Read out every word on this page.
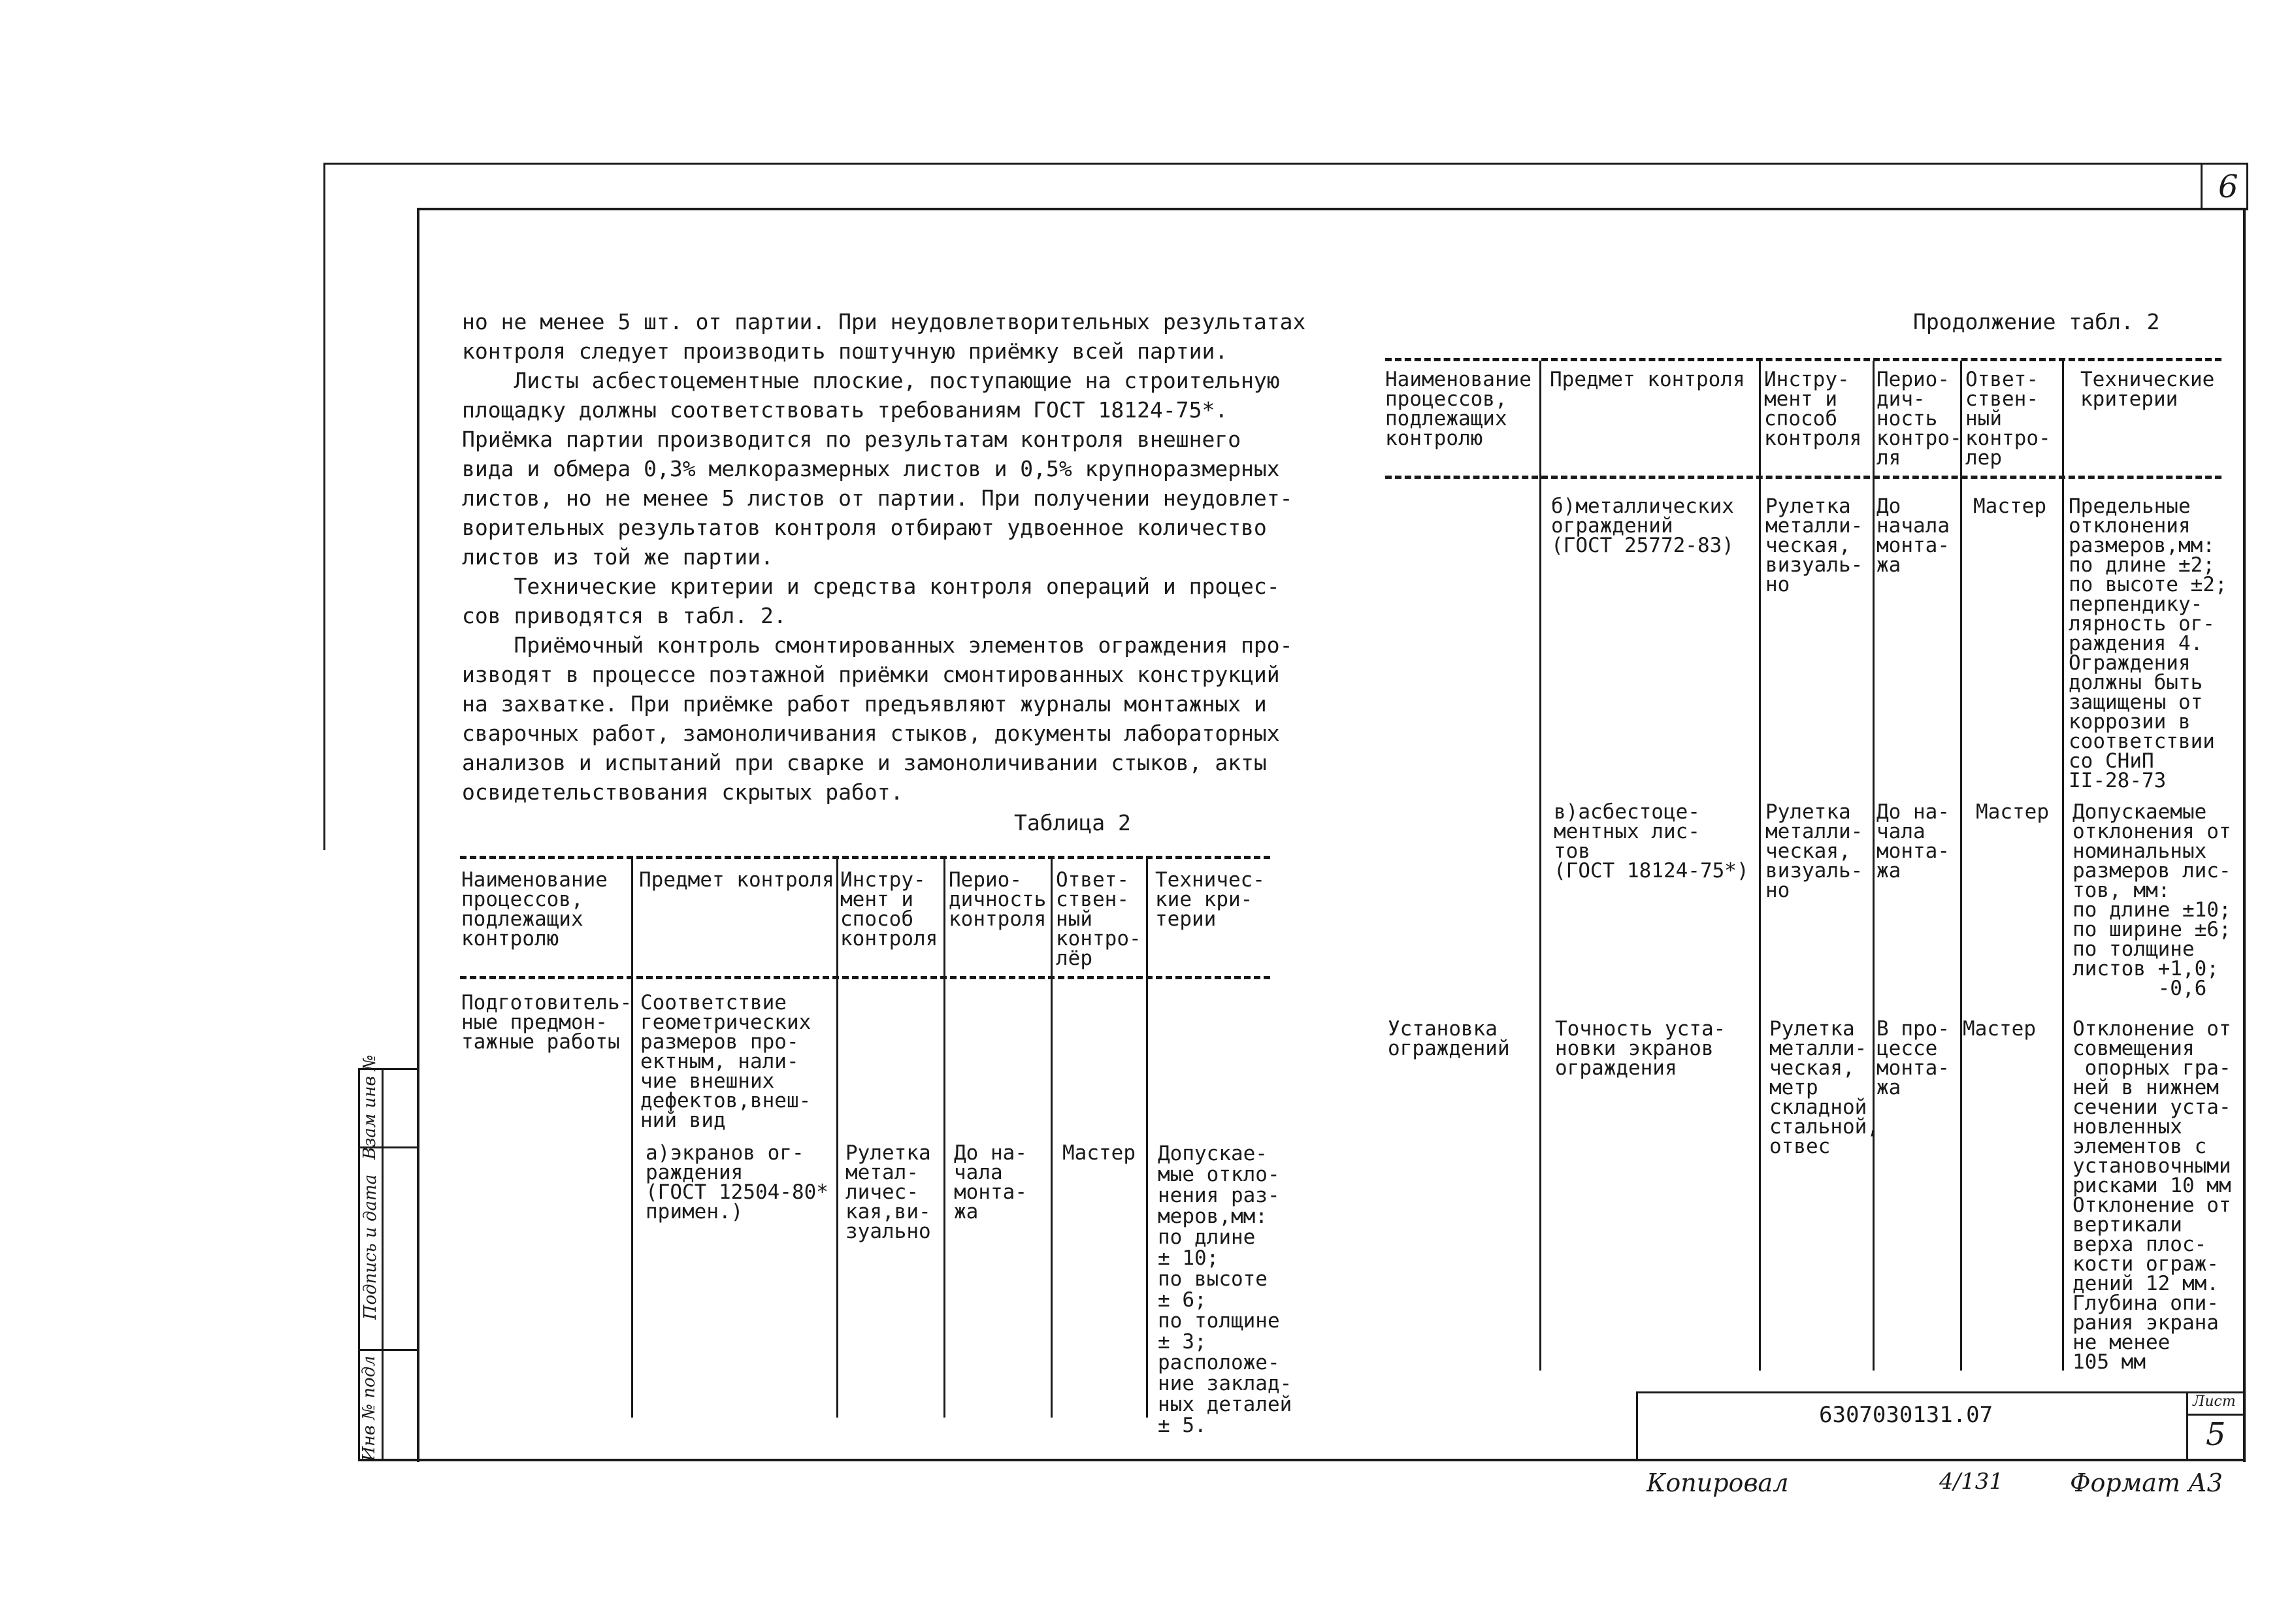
6
Инв № подл
Подпись и дата
Взам инв №
но не менее 5 шт. от партии. При неудовлетворительных результатах
контроля следует производить поштучную приёмку всей партии.
Листы асбестоцементные плоские, поступающие на строительную
площадку должны соответствовать требованиям ГОСТ 18124-75*.
Приёмка партии производится по результатам контроля внешнего
вида и обмера 0,3% мелкоразмерных листов и 0,5% крупноразмерных
листов, но не менее 5 листов от партии. При получении неудовлет-
ворительных результатов контроля отбирают удвоенное количество
листов из той же партии.
Технические критерии и средства контроля операций и процес-
сов приводятся в табл. 2.
Приёмочный контроль смонтированных элементов ограждения про-
изводят в процессе поэтажной приёмки смонтированных конструкций
на захватке. При приёмке работ предъявляют журналы монтажных и
сварочных работ, замоноличивания стыков, документы лабораторных
анализов и испытаний при сварке и замоноличивании стыков, акты
освидетельствования скрытых работ.
Таблица 2
Наименование
процессов,
подлежащих
контролю
Предмет контроля Инстру-
мент и
способ
контроля
Перио-
дичность
контроля
Ответ-
ствен-
ный
контро-
лёр
Техничес-
кие кри-
терии
Подготовитель-
ные предмон-
тажные работы
Соответствие
геометрических
размеров про-
ектным, нали-
чие внешних
дефектов,внеш-
ний вид
а)экранов ог-
раждения
(ГОСТ 12504-80*
примен.)
Рулетка
метал-
личес-
кая,ви-
зуально
До на-
чала
монта-
жа
Мастер Допускае-
мые откло-
нения раз-
меров,мм:
по длине
± 10;
по высоте
± 6;
по толщине
± 3;
расположе-
ние заклад-
ных деталей
± 5.
Продолжение табл. 2
Наименование
процессов,
подлежащих
контролю
Предмет контроля Инстру-
мент и
способ
контроля
Перио-
дич-
ность
контро-
ля
Ответ-
ствен-
ный
контро-
лер
Технические
критерии
б)металлических
ограждений
(ГОСТ 25772-83)
Рулетка
металли-
ческая,
визуаль-
но
До
начала
монта-
жа
Мастер Предельные
отклонения
размеров,мм:
по длине ±2;
по высоте ±2;
перпендику-
лярность ог-
раждения 4.
Ограждения
должны быть
защищены от
коррозии в
соответствии
со СНиП
II-28-73
в)асбестоце-
ментных лис-
тов
(ГОСТ 18124-75*)
Рулетка
металли-
ческая,
визуаль-
но
До на-
чала
монта-
жа
Мастер Допускаемые
отклонения от
номинальных
размеров лис-
тов, мм:
по длине ±10;
по ширине ±6;
по толщине
листов +1,0;
-0,6
Установка
ограждений
Точность уста-
новки экранов
ограждения
Рулетка
металли-
ческая,
метр
складной
стальной,
отвес
В про-
цессе
монта-
жа
Мастер Отклонение от
совмещения
опорных гра-
ней в нижнем
сечении уста-
новленных
элементов с
установочными
рисками 10 мм
Отклонение от
вертикали
верха плос-
кости ограж-
дений 12 мм.
Глубина опи-
рания экрана
не менее
105 мм
6307030131.07
Лист
5
Копировал	4/131	Формат А3
